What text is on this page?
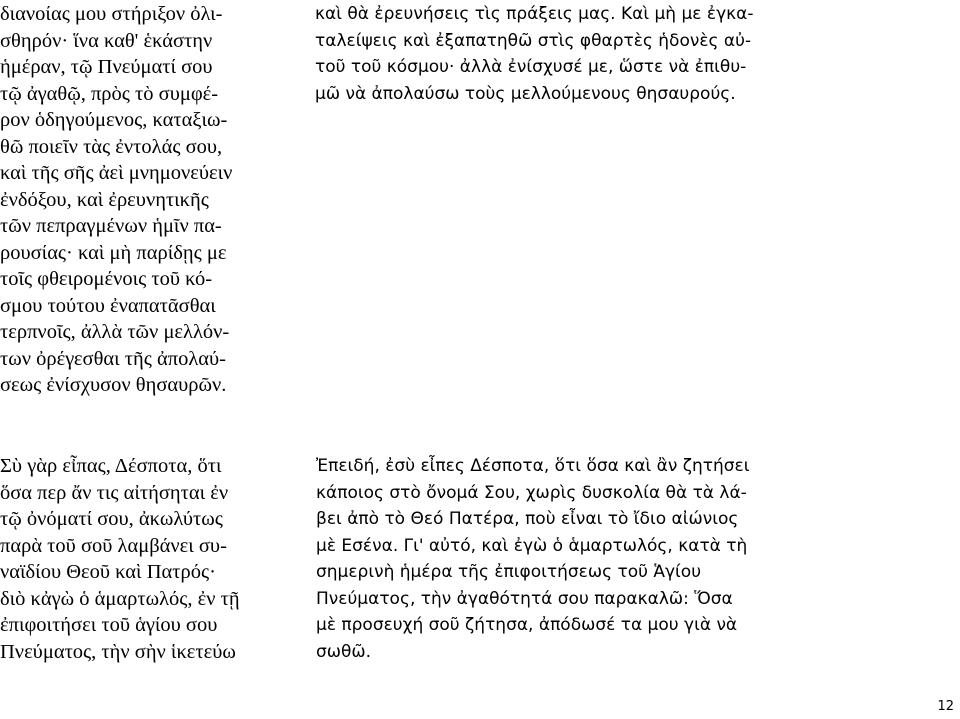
διανοίας μου στήριξον ὀλι-
σθηρόν· ἵνα καθ' ἑκάστην
ἡμέραν, τῷ Πνεύματί σου
τῷ ἀγαθῷ, πρὸς τὸ συμφέ-
ρον ὁδηγούμενος, καταξιω-
θῶ ποιεῖν τὰς ἐντολάς σου,
καὶ τῆς σῆς ἀεὶ μνημονεύειν
ἐνδόξου, καὶ ἐρευνητικῆς
τῶν πεπραγμένων ἡμῖν πα-
ρουσίας· καὶ μὴ παρίδῃς με
τοῖς φθειρομένοις τοῦ κό-
σμου τούτου ἐναπατᾶσθαι
τερπνοῖς, ἀλλὰ τῶν μελλόν-
των ὀρέγεσθαι τῆς ἀπολαύ-
σεως ἐνίσχυσον θησαυρῶν.
καὶ θὰ ἐρευνήσεις τὶς πράξεις μας. Καὶ μὴ με ἐγκα-
ταλείψεις καὶ ἐξαπατηθῶ στὶς φθαρτὲς ἡδονὲς αὐ-
τοῦ τοῦ κόσμου· ἀλλὰ ἐνίσχυσέ με, ὥστε νὰ ἐπιθυ-
μῶ νὰ ἀπολαύσω τοὺς μελλούμενους θησαυρούς.
Σὺ γὰρ εἶπας, Δέσποτα, ὅτι
ὅσα περ ἄν τις αἰτήσηται ἐν
τῷ ὀνόματί σου, ἀκωλύτως
παρὰ τοῦ σοῦ λαμβάνει συ-
ναϊδίου Θεοῦ καὶ Πατρός·
διὸ κἀγὼ ὁ ἁμαρτωλός, ἐν τῇ
ἐπιφοιτήσει τοῦ ἁγίου σου
Πνεύματος, τὴν σὴν ἱκετεύω
Ἐπειδή, ἐσὺ εἶπες Δέσποτα, ὅτι ὅσα καὶ ἂν ζητήσει
κάποιος στὸ ὄνομά Σου, χωρὶς δυσκολία θὰ τὰ λά-
βει ἀπὸ τὸ Θεό Πατέρα, ποὺ εἶναι τὸ ἴδιο αἰώνιος
μὲ Εσένα. Γι' αὐτό, καὶ ἐγὼ ὁ ἁμαρτωλός, κατὰ τὴ
σημερινὴ ἡμέρα τῆς ἐπιφοιτήσεως τοῦ Ἁγίου
Πνεύματος, τὴν ἀγαθότητά σου παρακαλῶ: Ὅσα
μὲ προσευχή σοῦ ζήτησα, ἀπόδωσέ τα μου γιὰ νὰ
σωθῶ.
12
